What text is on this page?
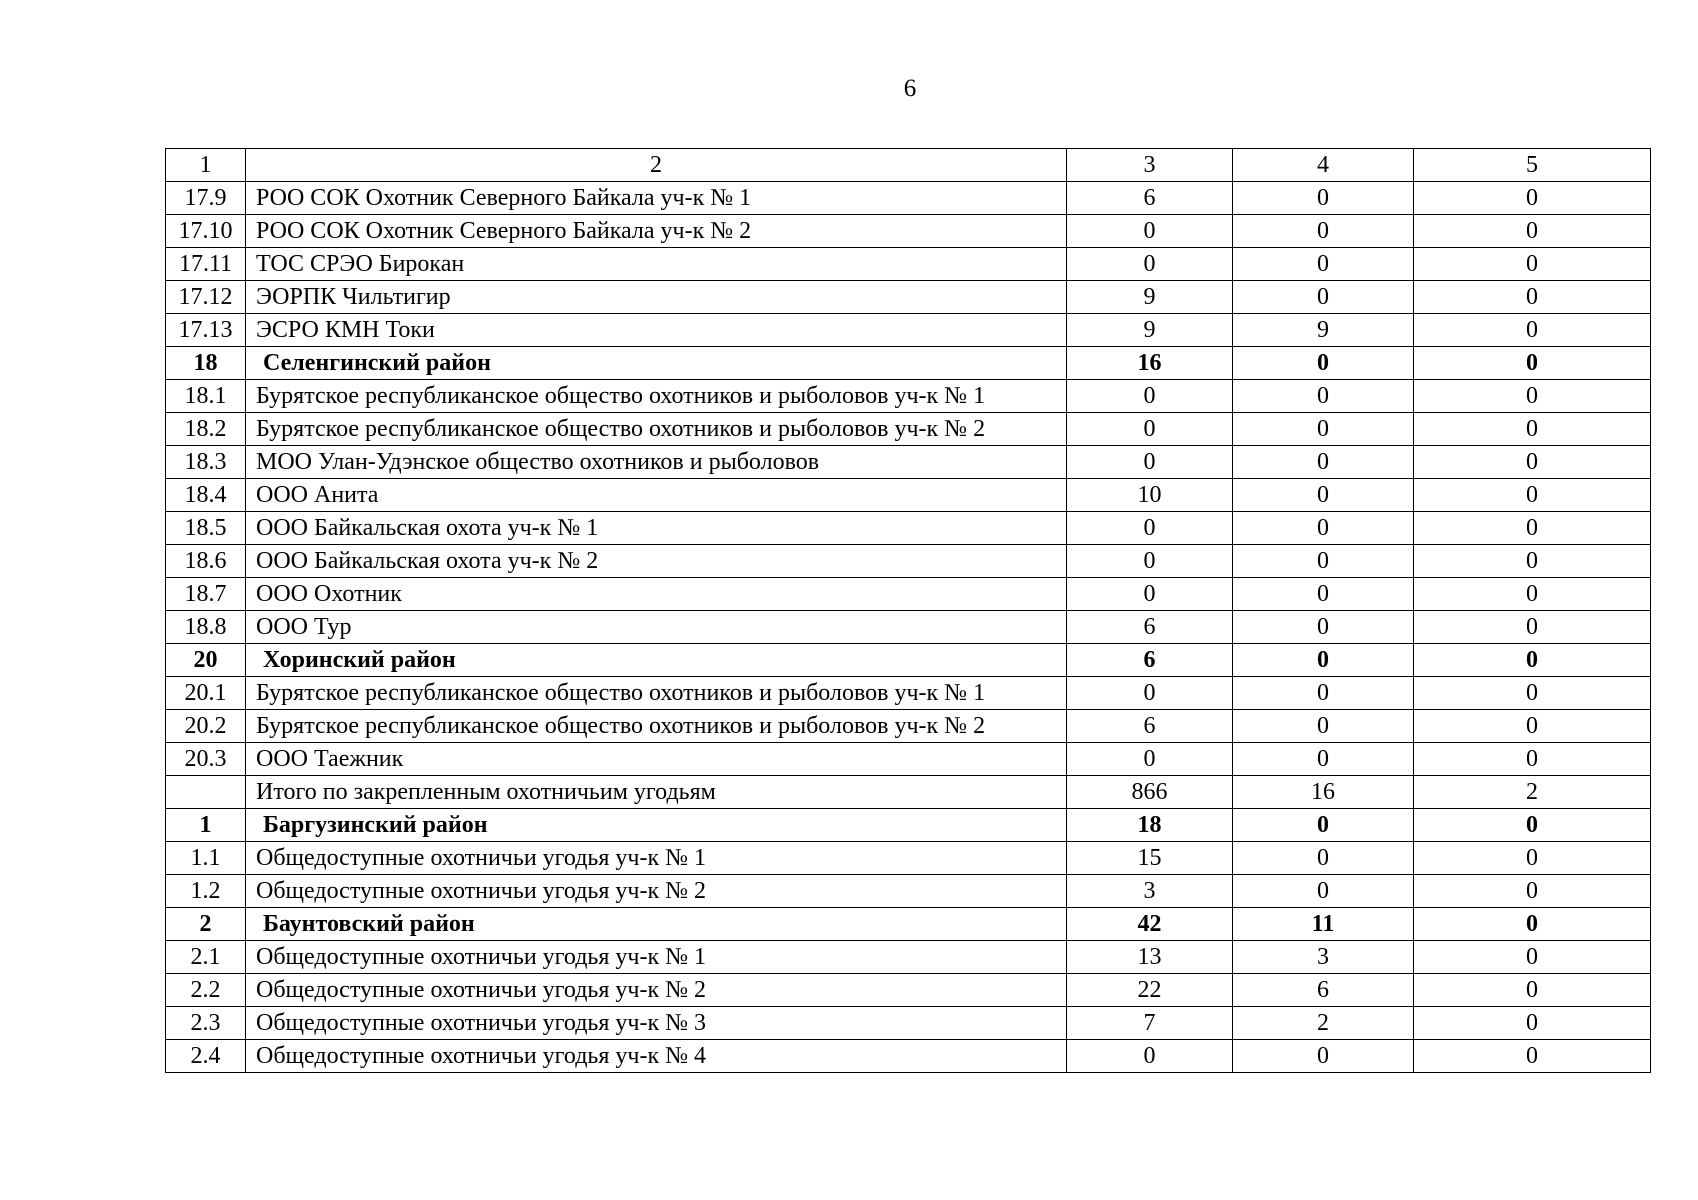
6
1	2	3	4	5
17.9	РОО СОК Охотник Северного Байкала уч-к № 1	6	0	0
17.10	РОО СОК Охотник Северного Байкала уч-к № 2	0	0	0
17.11	ТОС СРЭО Бирокан	0	0	0
17.12	ЭОРПК Чильтигир	9	0	0
17.13	ЭСРО КМН Токи	9	9	0
18	Селенгинский район	16	0	0
18.1	Бурятское республиканское общество охотников и рыболовов уч-к № 1	0	0	0
18.2	Бурятское республиканское общество охотников и рыболовов уч-к № 2	0	0	0
18.3	МОО Улан-Удэнское общество охотников и рыболовов	0	0	0
18.4	ООО Анита	10	0	0
18.5	ООО Байкальская охота уч-к № 1	0	0	0
18.6	ООО Байкальская охота уч-к № 2	0	0	0
18.7	ООО Охотник	0	0	0
18.8	ООО Тур	6	0	0
20	Хоринский район	6	0	0
20.1	Бурятское республиканское общество охотников и рыболовов уч-к № 1	0	0	0
20.2	Бурятское республиканское общество охотников и рыболовов уч-к № 2	6	0	0
20.3	ООО Таежник	0	0	0
	Итого по закрепленным охотничьим угодьям	866	16	2
1	Баргузинский район	18	0	0
1.1	Общедоступные охотничьи угодья уч-к № 1	15	0	0
1.2	Общедоступные охотничьи угодья уч-к № 2	3	0	0
2	Баунтовский район	42	11	0
2.1	Общедоступные охотничьи угодья уч-к № 1	13	3	0
2.2	Общедоступные охотничьи угодья уч-к № 2	22	6	0
2.3	Общедоступные охотничьи угодья уч-к № 3	7	2	0
2.4	Общедоступные охотничьи угодья уч-к № 4	0	0	0
